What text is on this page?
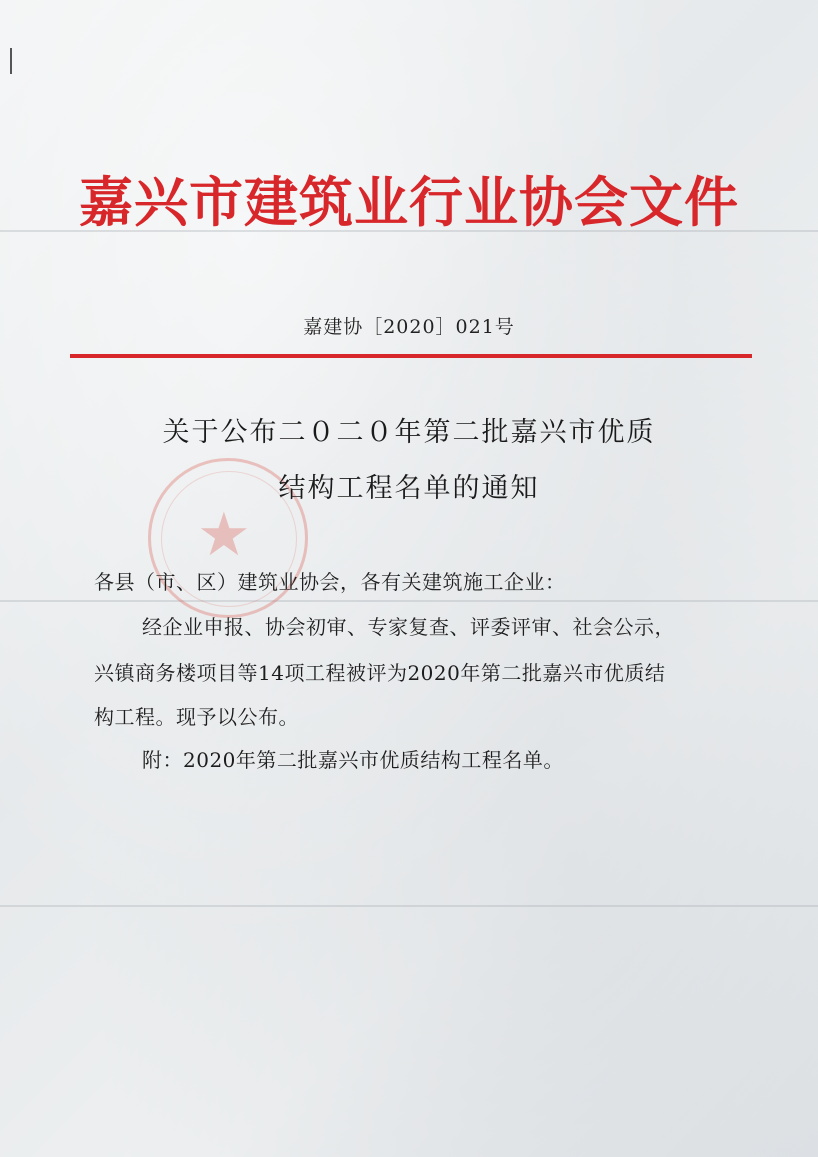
嘉兴市建筑业行业协会文件
嘉建协［2020］021号
★
关于公布二０二０年第二批嘉兴市优质
结构工程名单的通知
各县（市、区）建筑业协会，各有关建筑施工企业：
经企业申报、协会初审、专家复查、评委评审、社会公示，
兴镇商务楼项目等14项工程被评为2020年第二批嘉兴市优质结
构工程。现予以公布。
附：2020年第二批嘉兴市优质结构工程名单。
